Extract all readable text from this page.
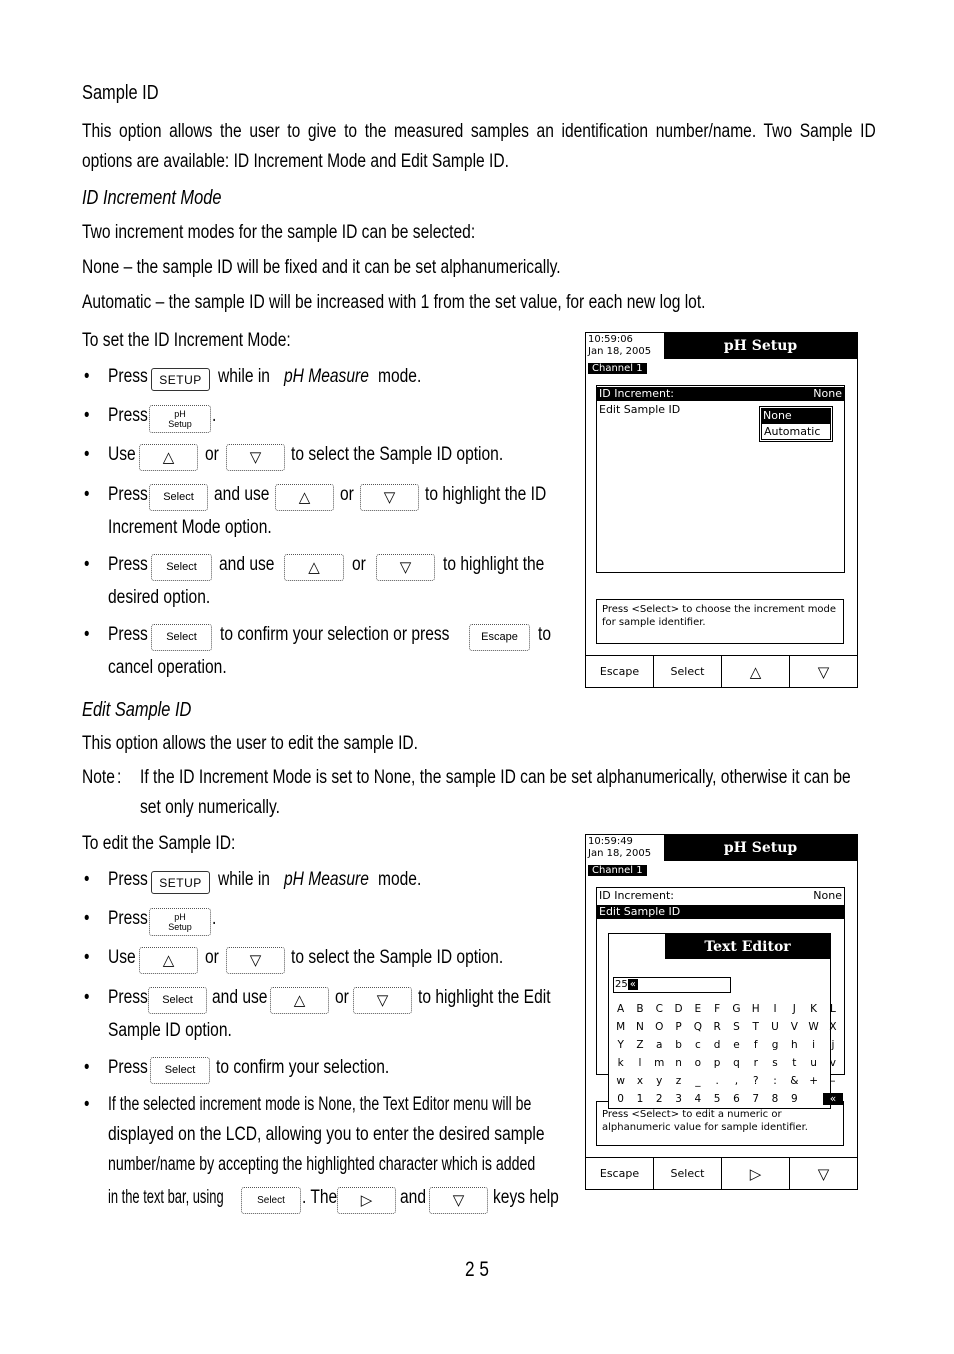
Sample ID
This option allows the user to give to the measured samples an identification number/name. Two Sample ID options are available: ID Increment Mode and Edit Sample ID.
ID Increment Mode
Two increment modes for the sample ID can be selected:
None – the sample ID will be fixed and it can be set alphanumerically.
Automatic – the sample ID will be increased with 1 from the set value, for each new log lot.
To set the ID Increment Mode:
• Press SETUP while in pH Measure mode.
• Press	pH
Setup .
• Use △ or ▽ to select the Sample ID option.
• Press	Select	and use △ or ▽ to highlight the ID
Increment Mode option.
• Press	Select	and use △ or ▽ to highlight the
desired option.
• Press	Select	to confirm your selection or press	Escape	to
cancel operation.
10:59:06
Jan 18, 2005	pH Setup
Channel 1
ID Increment:	None
Edit Sample ID	None
Automatic
Press <Select> to choose the increment mode for sample identifier.
Escape	Select	△	▽
Edit Sample ID
This option allows the user to edit the sample ID.
Note : If the ID Increment Mode is set to None, the sample ID can be set alphanumerically, otherwise it can be
set only numerically.
To edit the Sample ID:
• Press SETUP while in pH Measure mode.
• Press	pH
Setup .
• Use △ or ▽ to select the Sample ID option.
• Press	Select	and use △ or ▽ to highlight the Edit
Sample ID option.
• Press	Select	to confirm your selection.
• If the selected increment mode is None, the Text Editor menu will be
displayed on the LCD, allowing you to enter the desired sample
number/name by accepting the highlighted character which is added
in the text bar, using	Select . The ▷ and ▽ keys help
10:59:49
Jan 18, 2005	pH Setup
Channel 1
ID Increment:	None
Edit Sample ID
Press <Select> to edit a numeric or alphanumeric value for sample identifier.
Text Editor
25 «
A	B	C	D	E	F	G	H	I	J	K	L
M	N	O	P	Q	R	S	T	U	V	W	X
Y	Z	a	b	c	d	e	f	g	h	i	j
k	l	m	n	o	p	q	r	s	t	u	v
w	x	y	z	_	.	,	?	:	&	+	–
0	1	2	3	4	5	6	7	8	9	«
Escape	Select	▷	▽
2 5
